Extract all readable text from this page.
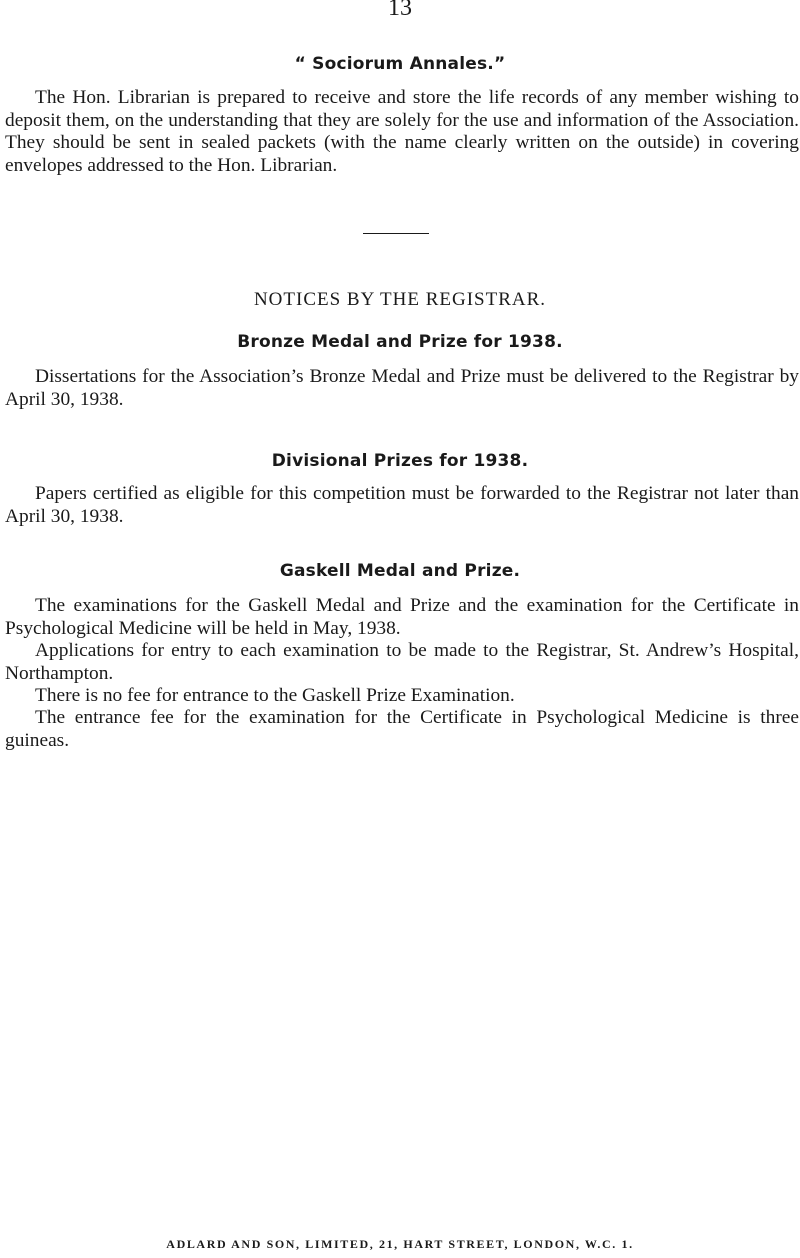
13
“ Sociorum Annales.”

The Hon. Librarian is prepared to receive and store the life records of any member wishing to deposit them, on the understanding that they are solely for the use and information of the Association. They should be sent in sealed packets (with the name clearly written on the outside) in covering envelopes addressed to the Hon. Librarian.

NOTICES BY THE REGISTRAR.
Bronze Medal and Prize for 1938.

Dissertations for the Association’s Bronze Medal and Prize must be delivered to the Registrar by April 30, 1938.

Divisional Prizes for 1938.

Papers certified as eligible for this competition must be forwarded to the Registrar not later than April 30, 1938.

Gaskell Medal and Prize.

The examinations for the Gaskell Medal and Prize and the examination for the Certificate in Psychological Medicine will be held in May, 1938.

Applications for entry to each examination to be made to the Registrar, St. Andrew’s Hospital, Northampton.

There is no fee for entrance to the Gaskell Prize Examination.

The entrance fee for the examination for the Certificate in Psychological Medicine is three guineas.

ADLARD AND SON, LIMITED, 21, HART STREET, LONDON, W.C. 1.
